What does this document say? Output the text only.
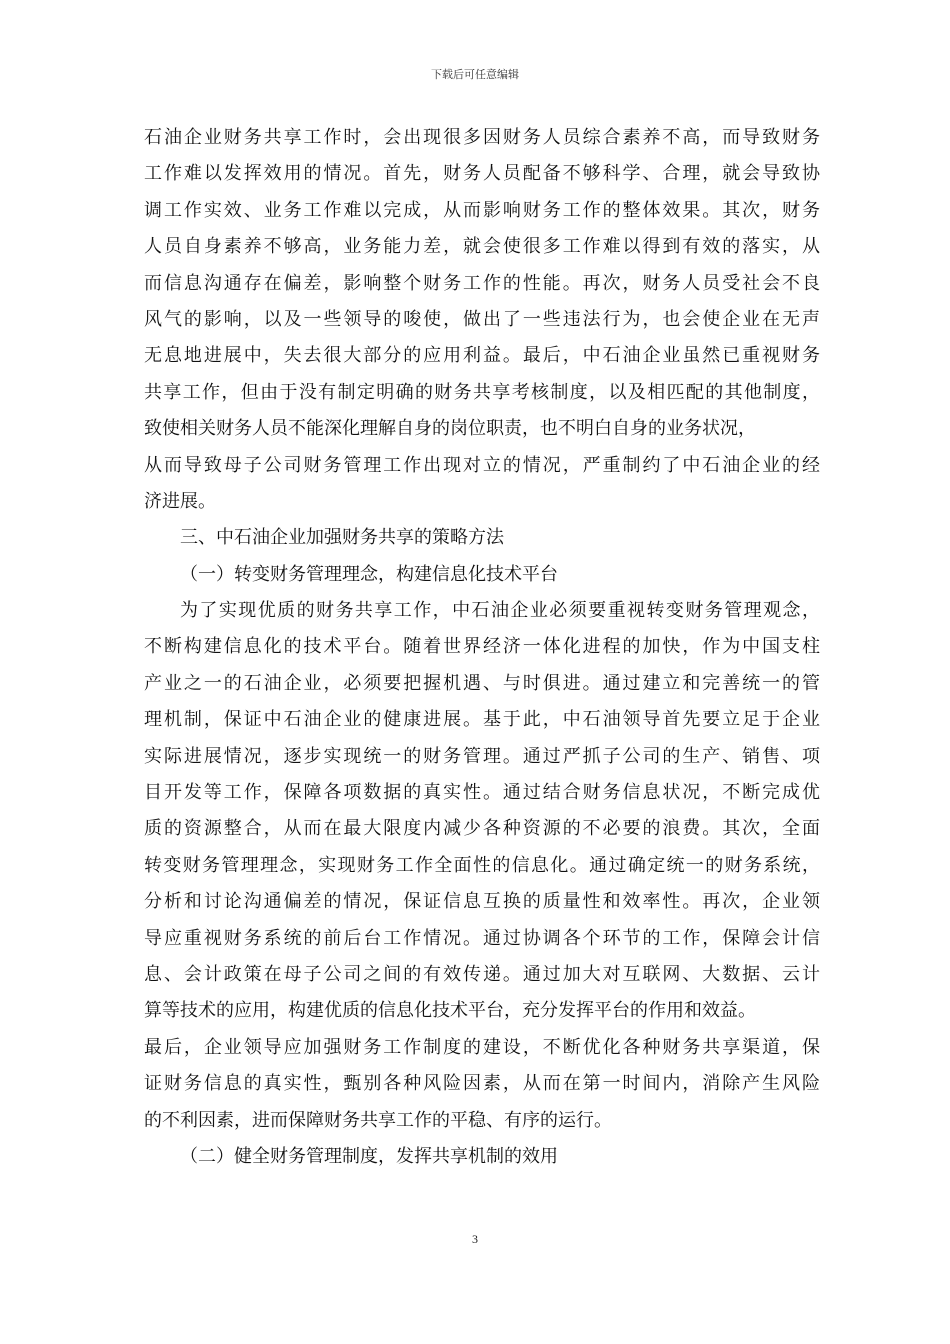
下载后可任意编辑
石油企业财务共享工作时，会出现很多因财务人员综合素养不高，而导致财务
工作难以发挥效用的情况。首先，财务人员配备不够科学、合理，就会导致协
调工作实效、业务工作难以完成，从而影响财务工作的整体效果。其次，财务
人员自身素养不够高，业务能力差，就会使很多工作难以得到有效的落实，从
而信息沟通存在偏差，影响整个财务工作的性能。再次，财务人员受社会不良
风气的影响，以及一些领导的唆使，做出了一些违法行为，也会使企业在无声
无息地进展中，失去很大部分的应用利益。最后，中石油企业虽然已重视财务
共享工作，但由于没有制定明确的财务共享考核制度，以及相匹配的其他制度，
致使相关财务人员不能深化理解自身的岗位职责，也不明白自身的业务状况，
从而导致母子公司财务管理工作出现对立的情况，严重制约了中石油企业的经
济进展。
三、中石油企业加强财务共享的策略方法
（一）转变财务管理理念，构建信息化技术平台
为了实现优质的财务共享工作，中石油企业必须要重视转变财务管理观念，
不断构建信息化的技术平台。随着世界经济一体化进程的加快，作为中国支柱
产业之一的石油企业，必须要把握机遇、与时俱进。通过建立和完善统一的管
理机制，保证中石油企业的健康进展。基于此，中石油领导首先要立足于企业
实际进展情况，逐步实现统一的财务管理。通过严抓子公司的生产、销售、项
目开发等工作，保障各项数据的真实性。通过结合财务信息状况，不断完成优
质的资源整合，从而在最大限度内减少各种资源的不必要的浪费。其次，全面
转变财务管理理念，实现财务工作全面性的信息化。通过确定统一的财务系统，
分析和讨论沟通偏差的情况，保证信息互换的质量性和效率性。再次，企业领
导应重视财务系统的前后台工作情况。通过协调各个环节的工作，保障会计信
息、会计政策在母子公司之间的有效传递。通过加大对互联网、大数据、云计
算等技术的应用，构建优质的信息化技术平台，充分发挥平台的作用和效益。
最后，企业领导应加强财务工作制度的建设，不断优化各种财务共享渠道，保
证财务信息的真实性，甄别各种风险因素，从而在第一时间内，消除产生风险
的不利因素，进而保障财务共享工作的平稳、有序的运行。
（二）健全财务管理制度，发挥共享机制的效用
3
